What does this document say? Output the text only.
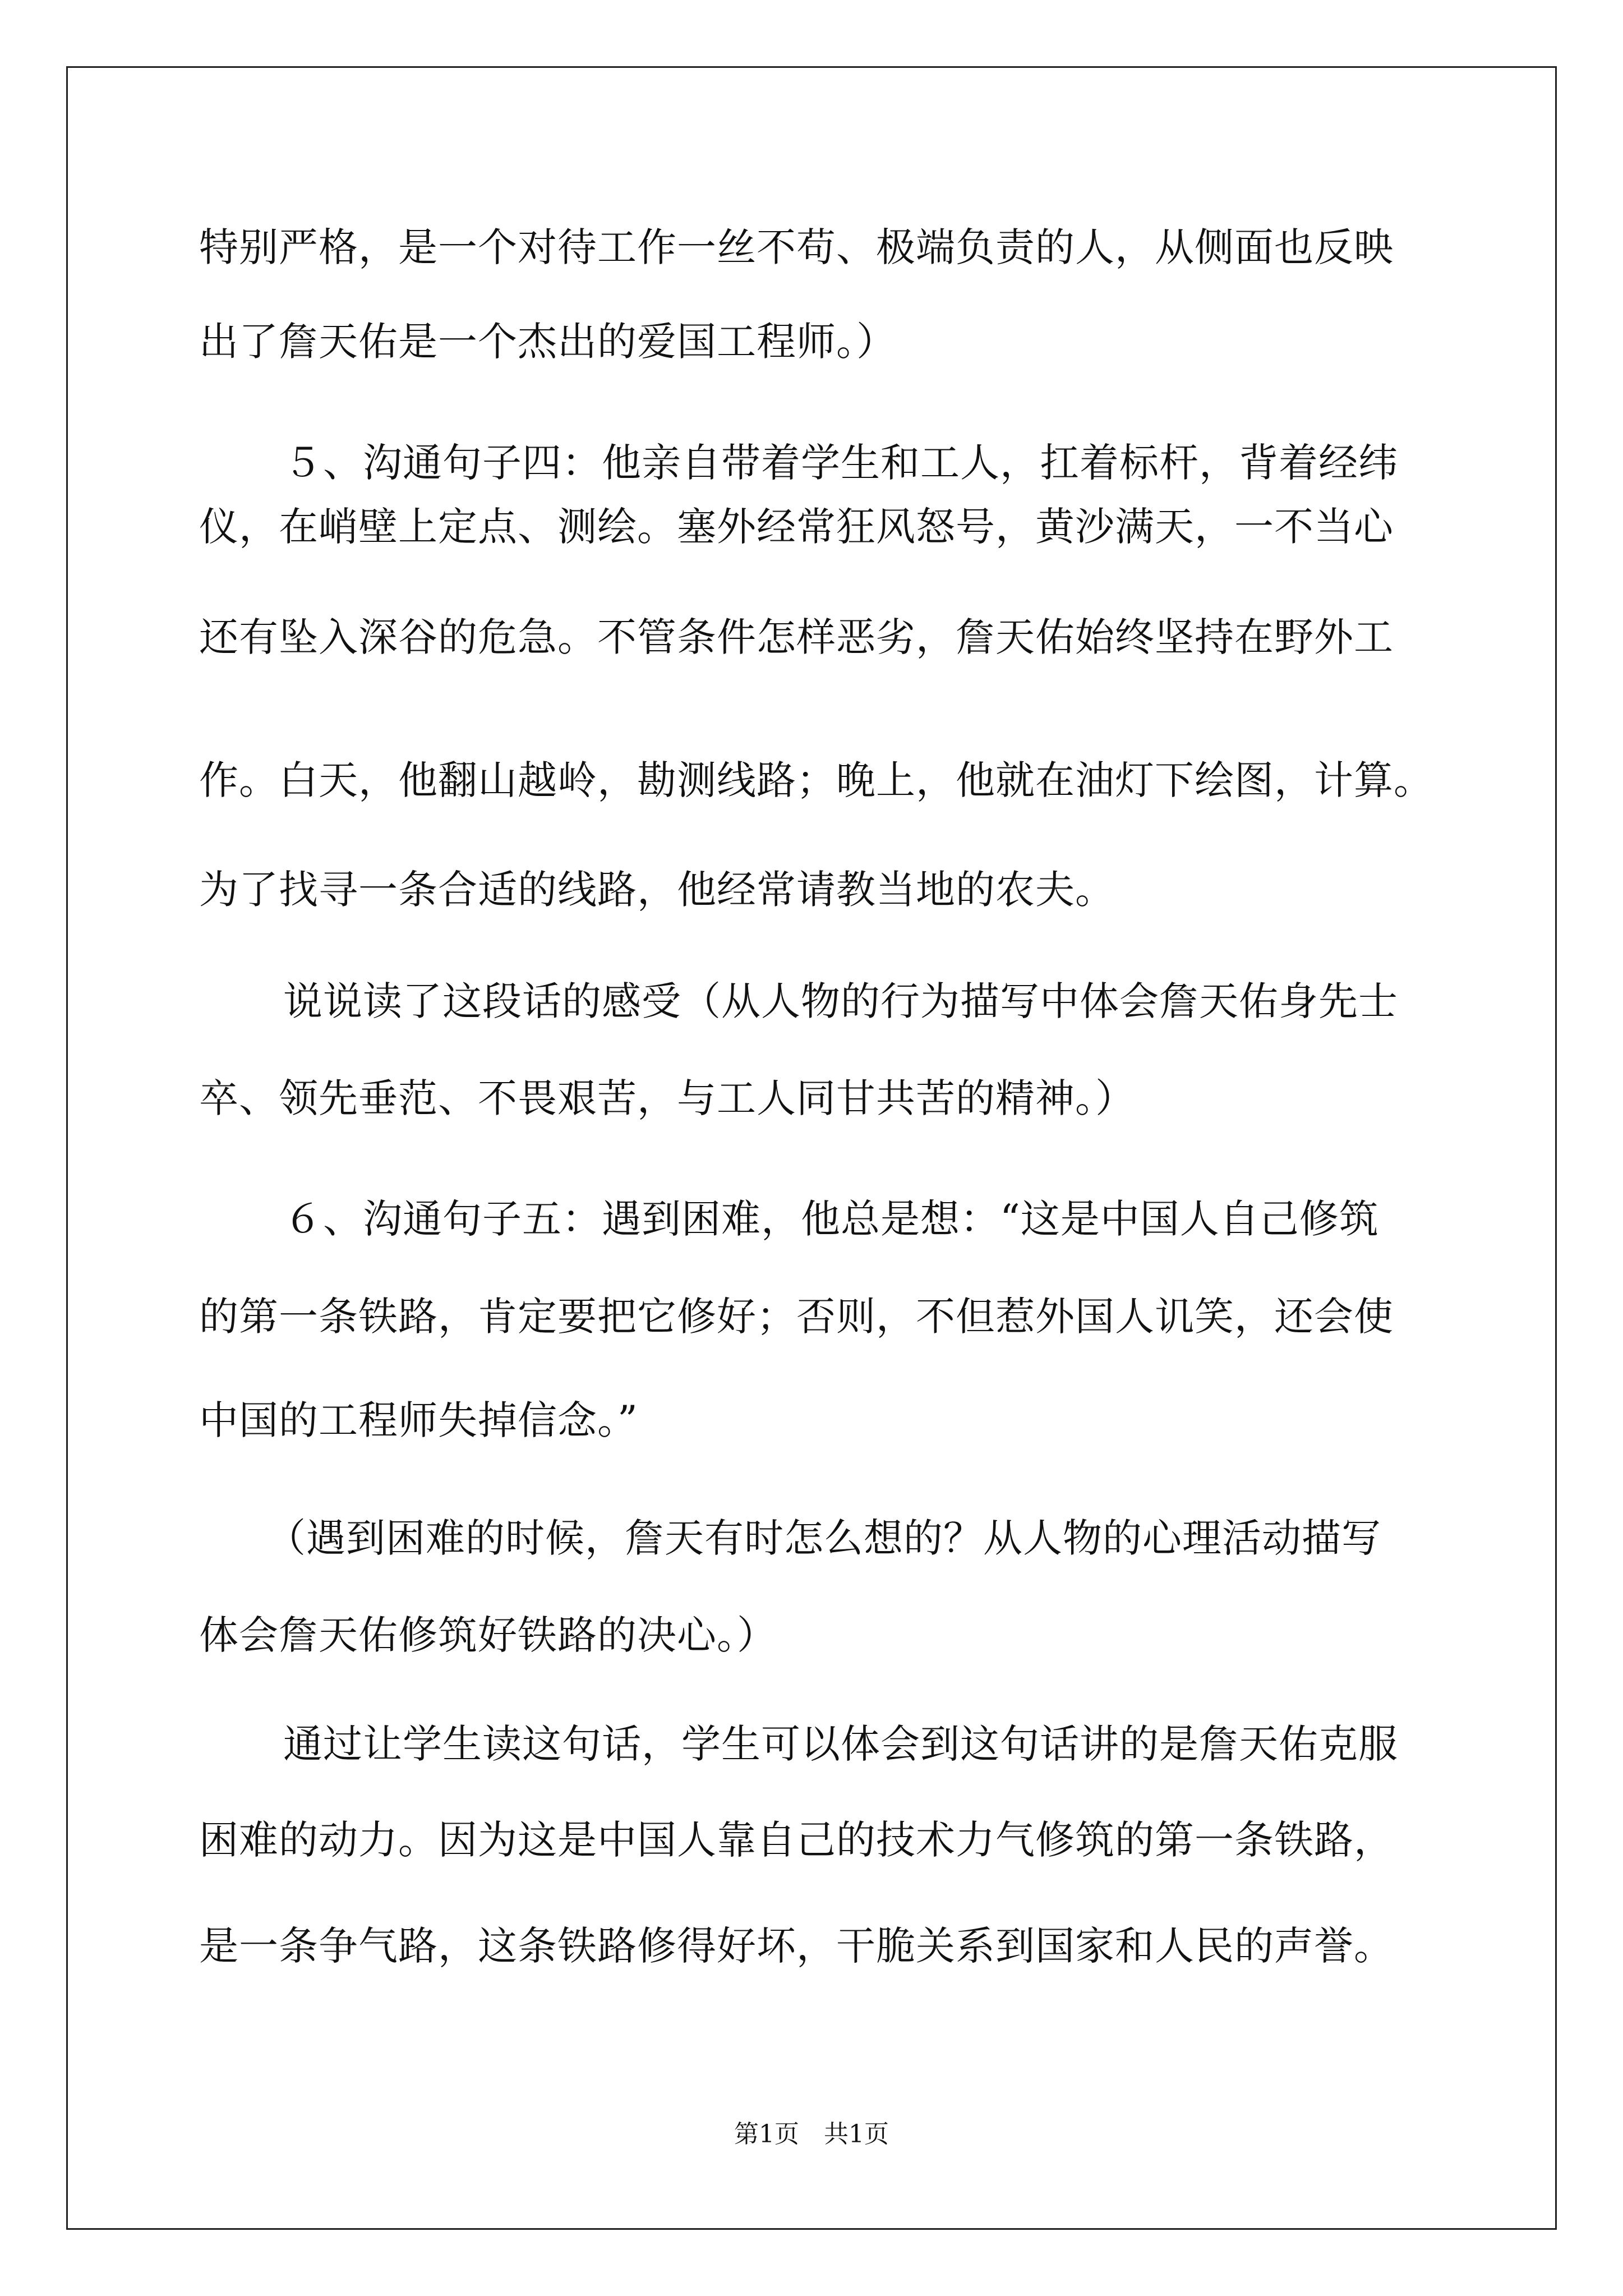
特别严格，是一个对待工作一丝不苟、极端负责的人，从侧面也反映

出了詹天佑是一个杰出的爱国工程师。）

５、沟通句子四：他亲自带着学生和工人，扛着标杆，背着经纬

仪，在峭壁上定点、测绘。塞外经常狂风怒号，黄沙满天，一不当心

还有坠入深谷的危急。不管条件怎样恶劣，詹天佑始终坚持在野外工

作。白天，他翻山越岭，勘测线路；晚上，他就在油灯下绘图，计算。

为了找寻一条合适的线路，他经常请教当地的农夫。

说说读了这段话的感受（从人物的行为描写中体会詹天佑身先士

卒、领先垂范、不畏艰苦，与工人同甘共苦的精神。）

６、沟通句子五：遇到困难，他总是想：“这是中国人自己修筑

的第一条铁路，肯定要把它修好；否则，不但惹外国人讥笑，还会使

中国的工程师失掉信念。”

（遇到困难的时候，詹天有时怎么想的？从人物的心理活动描写

体会詹天佑修筑好铁路的决心。）

通过让学生读这句话，学生可以体会到这句话讲的是詹天佑克服

困难的动力。因为这是中国人靠自己的技术力气修筑的第一条铁路，

是一条争气路，这条铁路修得好坏，干脆关系到国家和人民的声誉。

第1页　共1页
